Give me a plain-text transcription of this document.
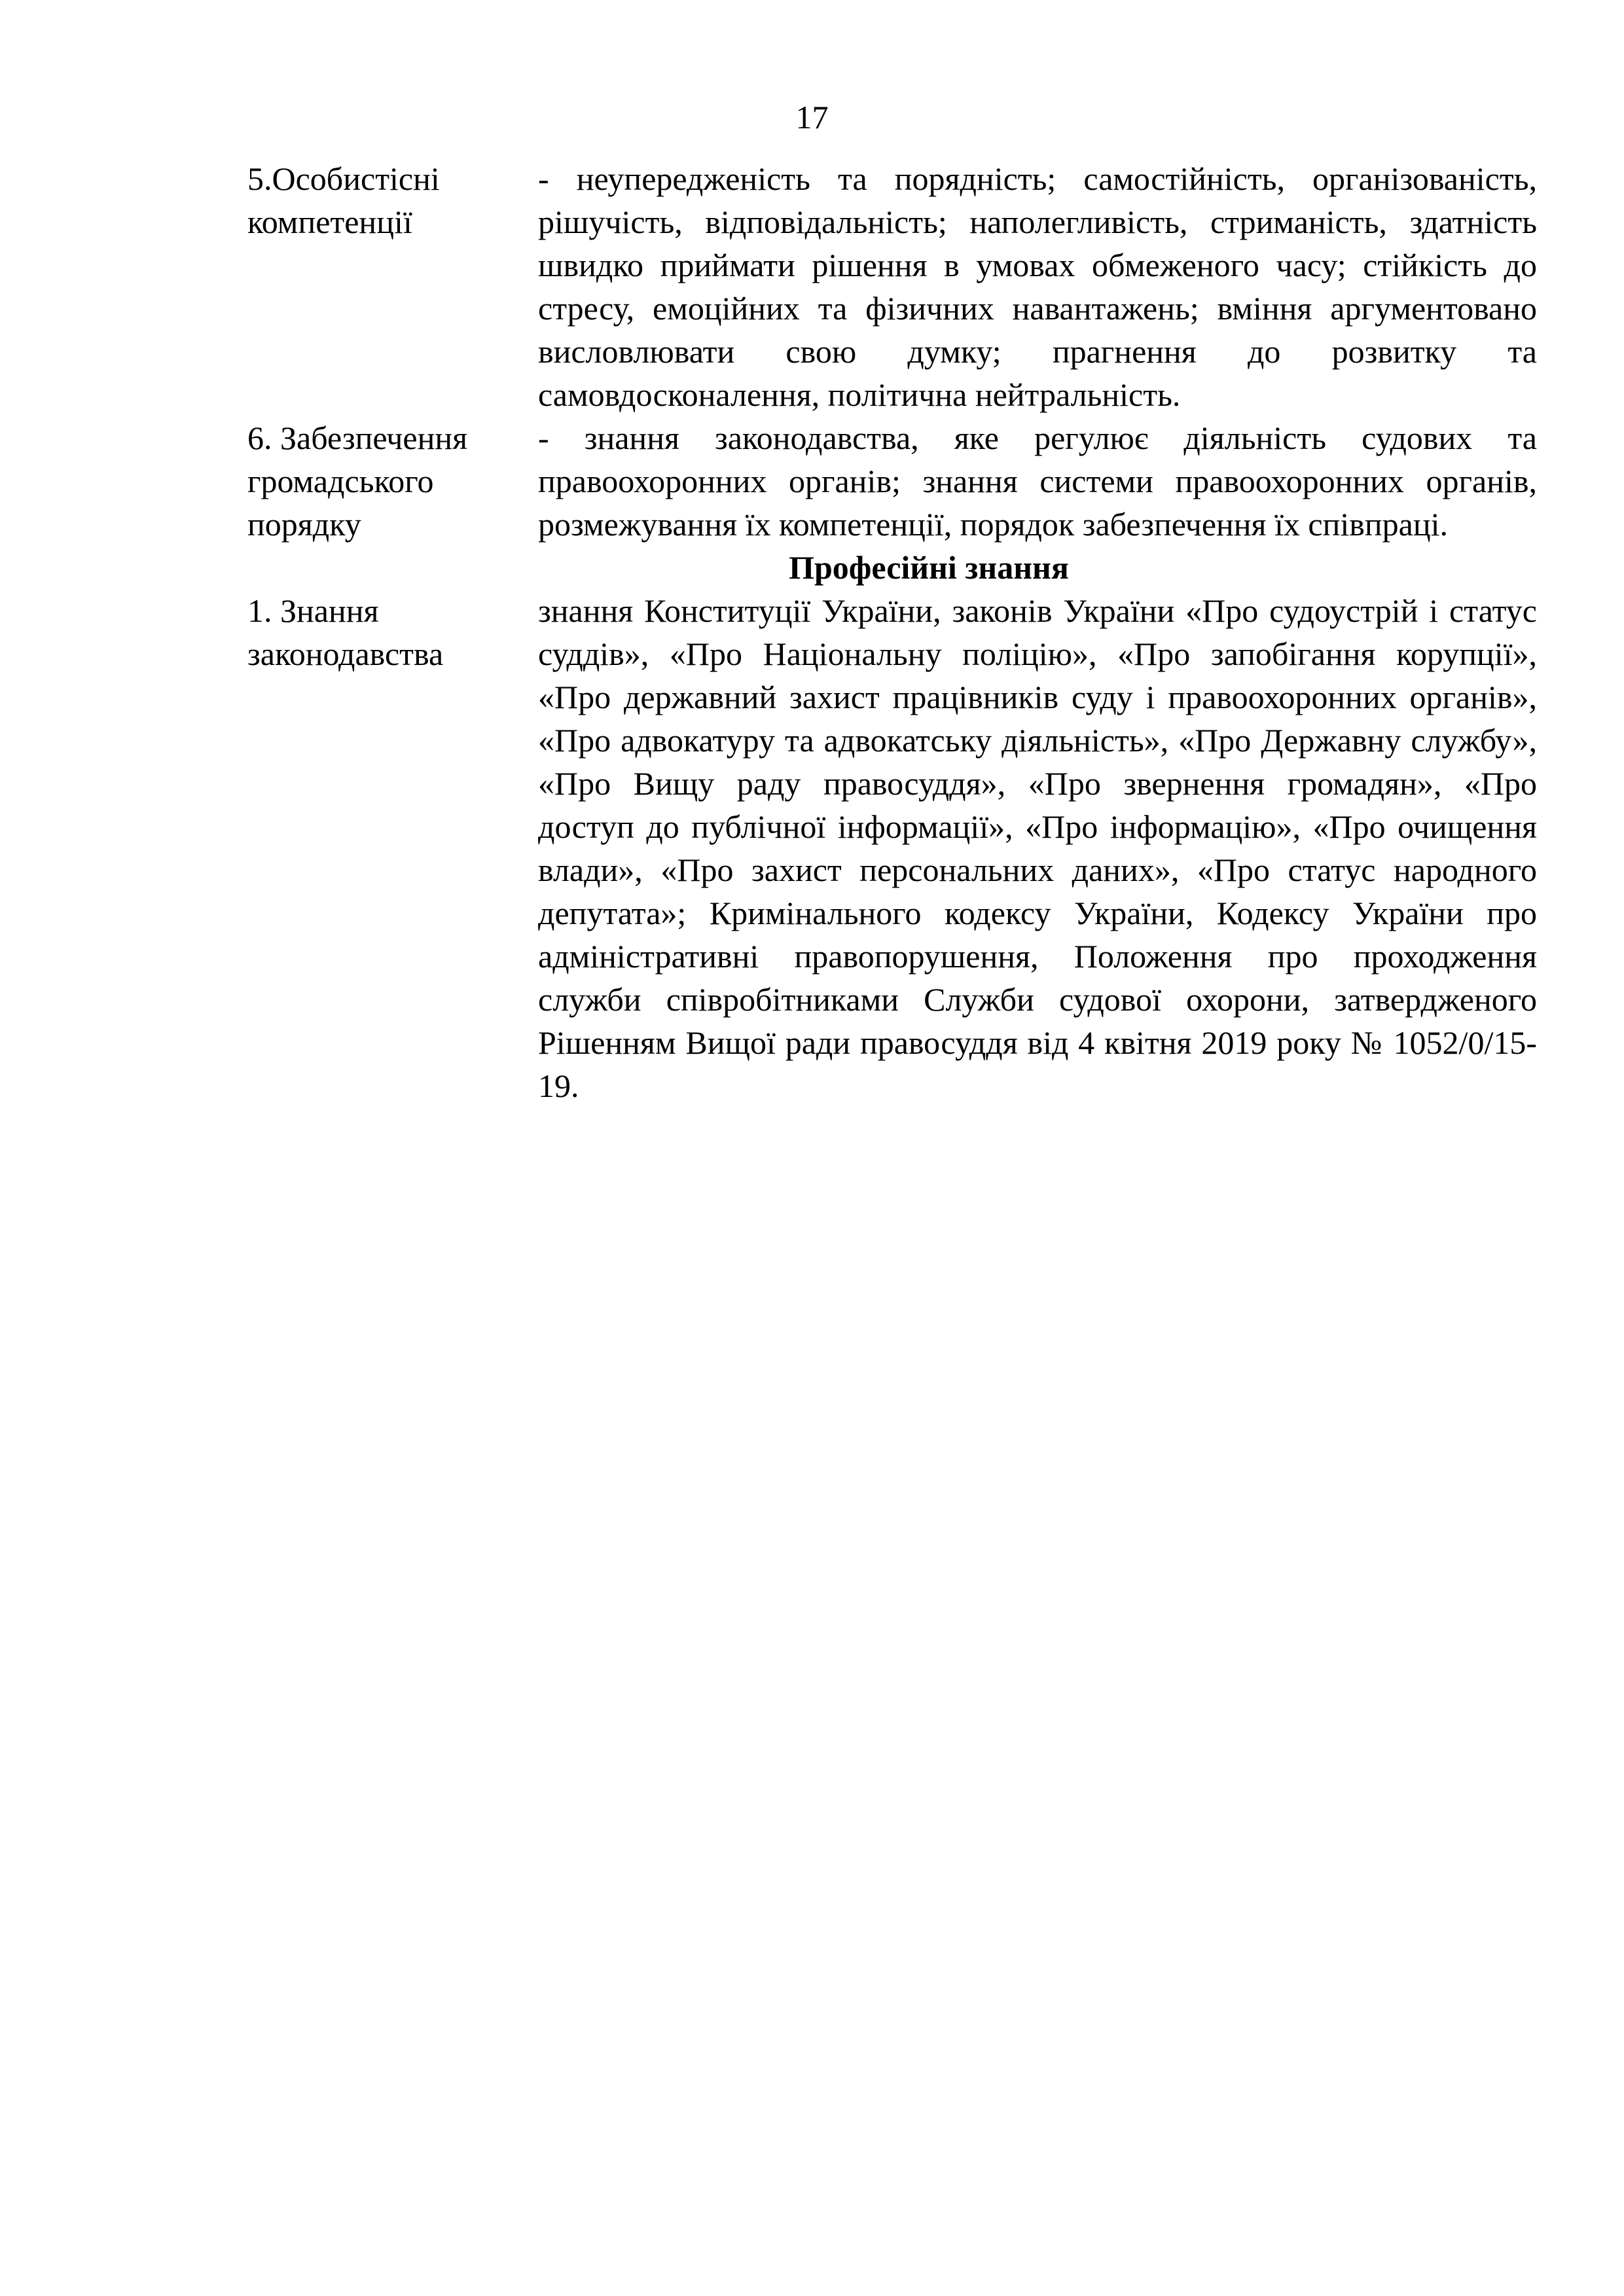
17
5.Особистісні
компетенції
- неупередженість та порядність; самостійність, організованість, рішучість, відповідальність; наполегливість, стриманість, здатність швидко приймати рішення в умовах обмеженого часу; стійкість до стресу, емоційних та фізичних навантажень; вміння аргументовано висловлювати свою думку; прагнення до розвитку та самовдосконалення, політична нейтральність.
6. Забезпечення
громадського
порядку
- знання законодавства, яке регулює діяльність судових та правоохоронних органів; знання системи правоохоронних органів, розмежування їх компетенції, порядок забезпечення їх співпраці.
Професійні знання
1. Знання
законодавства
знання Конституції України, законів України «Про судоустрій і статус суддів», «Про Національну поліцію», «Про запобігання корупції», «Про державний захист працівників суду і правоохоронних органів», «Про адвокатуру та адвокатську діяльність», «Про Державну службу», «Про Вищу раду правосуддя», «Про звернення громадян», «Про доступ до публічної інформації», «Про інформацію», «Про очищення влади», «Про захист персональних даних», «Про статус народного депутата»; Кримінального кодексу України, Кодексу України про адміністративні правопорушення, Положення про проходження служби співробітниками Служби судової охорони, затвердженого Рішенням Вищої ради правосуддя від 4 квітня 2019 року № 1052/0/15-19.
